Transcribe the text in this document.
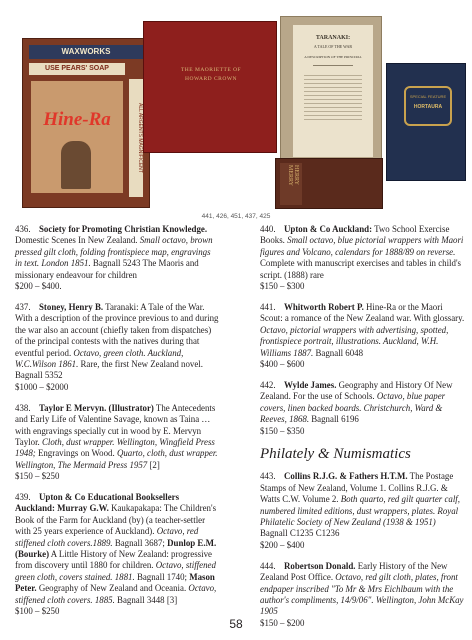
WAXWORKS
USE PEARS' SOAP
Hine-Ra	ALL ARGENTS MAGNIFICENT
THE MAORIETTE OF
HOWARD CROWN
TARANAKI:
A TALE OF THE WAR
A DESCRIPTION OF THE PRINCIPAL
HERRY MERRY
SPECIAL FEATURE
HORTAURA
441, 426, 451, 437, 425
436. Society for Promoting Christian Knowledge. Domestic Scenes In New Zealand. Small octavo, brown pressed gilt cloth, folding frontispiece map, engravings in text. London 1851. Bagnall 5243 The Maoris and missionary endeavour for children
$200 – $400.
437. Stoney, Henry B. Taranaki: A Tale of the War. With a description of the province previous to and during the war also an account (chiefly taken from dispatches) of the principal contests with the natives during that eventful period. Octavo, green cloth. Auckland, W.C.Wilson 1861. Rare, the first New Zealand novel. Bagnall 5352
$1000 – $2000
438. Taylor E Mervyn. (Illustrator) The Antecedents and Early Life of Valentine Savage, known as Taina … with engravings specially cut in wood by E. Mervyn Taylor. Cloth, dust wrapper. Wellington, Wingfield Press 1948; Engravings on Wood. Quarto, cloth, dust wrapper. Wellington, The Mermaid Press 1957 [2]
$150 – $250
439. Upton & Co Educational Booksellers Auckland: Murray G.W. Kaukapakapa: The Children's Book of the Farm for Auckland (by) (a teacher-settler with 25 years experience of Auckland). Octavo, red stiffened cloth covers.1889. Bagnall 3687; Dunlop E.M.(Bourke) A Little History of New Zealand: progressive from discovery until 1880 for children. Octavo, stiffened green cloth, covers stained. 1881. Bagnall 1740; Mason Peter. Geography of New Zealand and Oceania. Octavo, stiffened cloth covers. 1885. Bagnall 3448 [3]
$100 – $250
440. Upton & Co Auckland: Two School Exercise Books. Small octavo, blue pictorial wrappers with Maori figures and Volcano, calendars for 1888/89 on reverse. Complete with manuscript exercises and tables in child's script. (1888) rare
$150 – $300
441. Whitworth Robert P. Hine-Ra or the Maori Scout: a romance of the New Zealand war. With glossary. Octavo, pictorial wrappers with advertising, spotted, frontispiece portrait, illustrations. Auckland, W.H. Williams 1887. Bagnall 6048
$400 – $600
442. Wylde James. Geography and History Of New Zealand. For the use of Schools. Octavo, blue paper covers, linen backed boards. Christchurch, Ward & Reeves, 1868. Bagnall 6196
$150 – $350
Philately & Numismatics
443. Collins R.J.G. & Fathers H.T.M. The Postage Stamps of New Zealand, Volume 1. Collins R.J.G. & Watts C.W. Volume 2. Both quarto, red gilt quarter calf, numbered limited editions, dust wrappers, plates. Royal Philatelic Society of New Zealand (1938 & 1951) Bagnall C1235 C1236
$200 – $400
444. Robertson Donald. Early History of the New Zealand Post Office. Octavo, red gilt cloth, plates, front endpaper inscribed "To Mr & Mrs Eichlbaum with the author's compliments, 14/9/06". Wellington, John McKay 1905
$150 – $200
58
